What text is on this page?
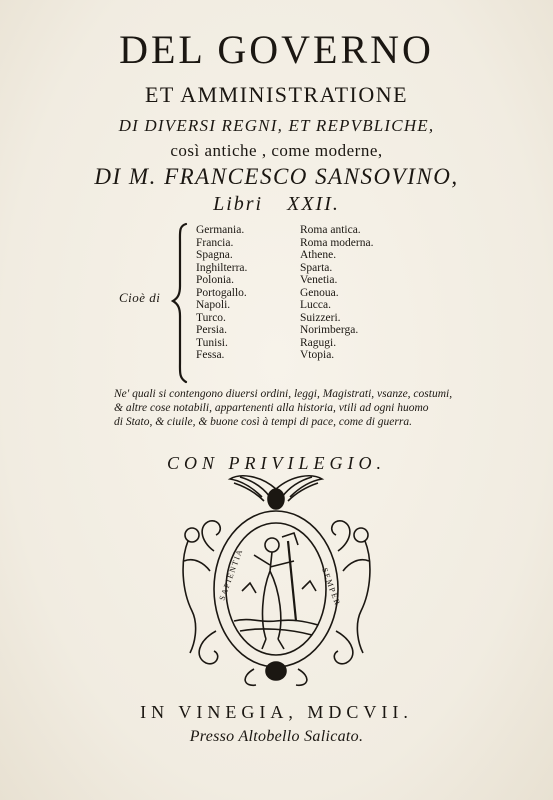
DEL GOVERNO
ET AMMINISTRATIONE
DI DIVERSI REGNI, ET REPVBLICHE,
così antiche , come moderne,
DI M. FRANCESCO SANSOVINO,
Libri XXII.
Cioè di
Germania.
Francia.
Spagna.
Inghilterra.
Polonia.
Portogallo.
Napoli.
Turco.
Persia.
Tunisi.
Fessa.
Roma antica.
Roma moderna.
Athene.
Sparta.
Venetia.
Genoua.
Lucca.
Suizzeri.
Norimberga.
Ragugi.
Vtopia.
Ne' quali si contengono diuersi ordini, leggi, Magistrati, vsanze, costumi,
& altre cose notabili, appartenenti alla historia, vtili ad ogni huomo
di Stato, & ciuile, & buone così à tempi di pace, come di guerra.
CON PRIVILEGIO.
SAPIENTIA	SEMPER
IN VINEGIA, MDCVII.
Presso Altobello Salicato.
